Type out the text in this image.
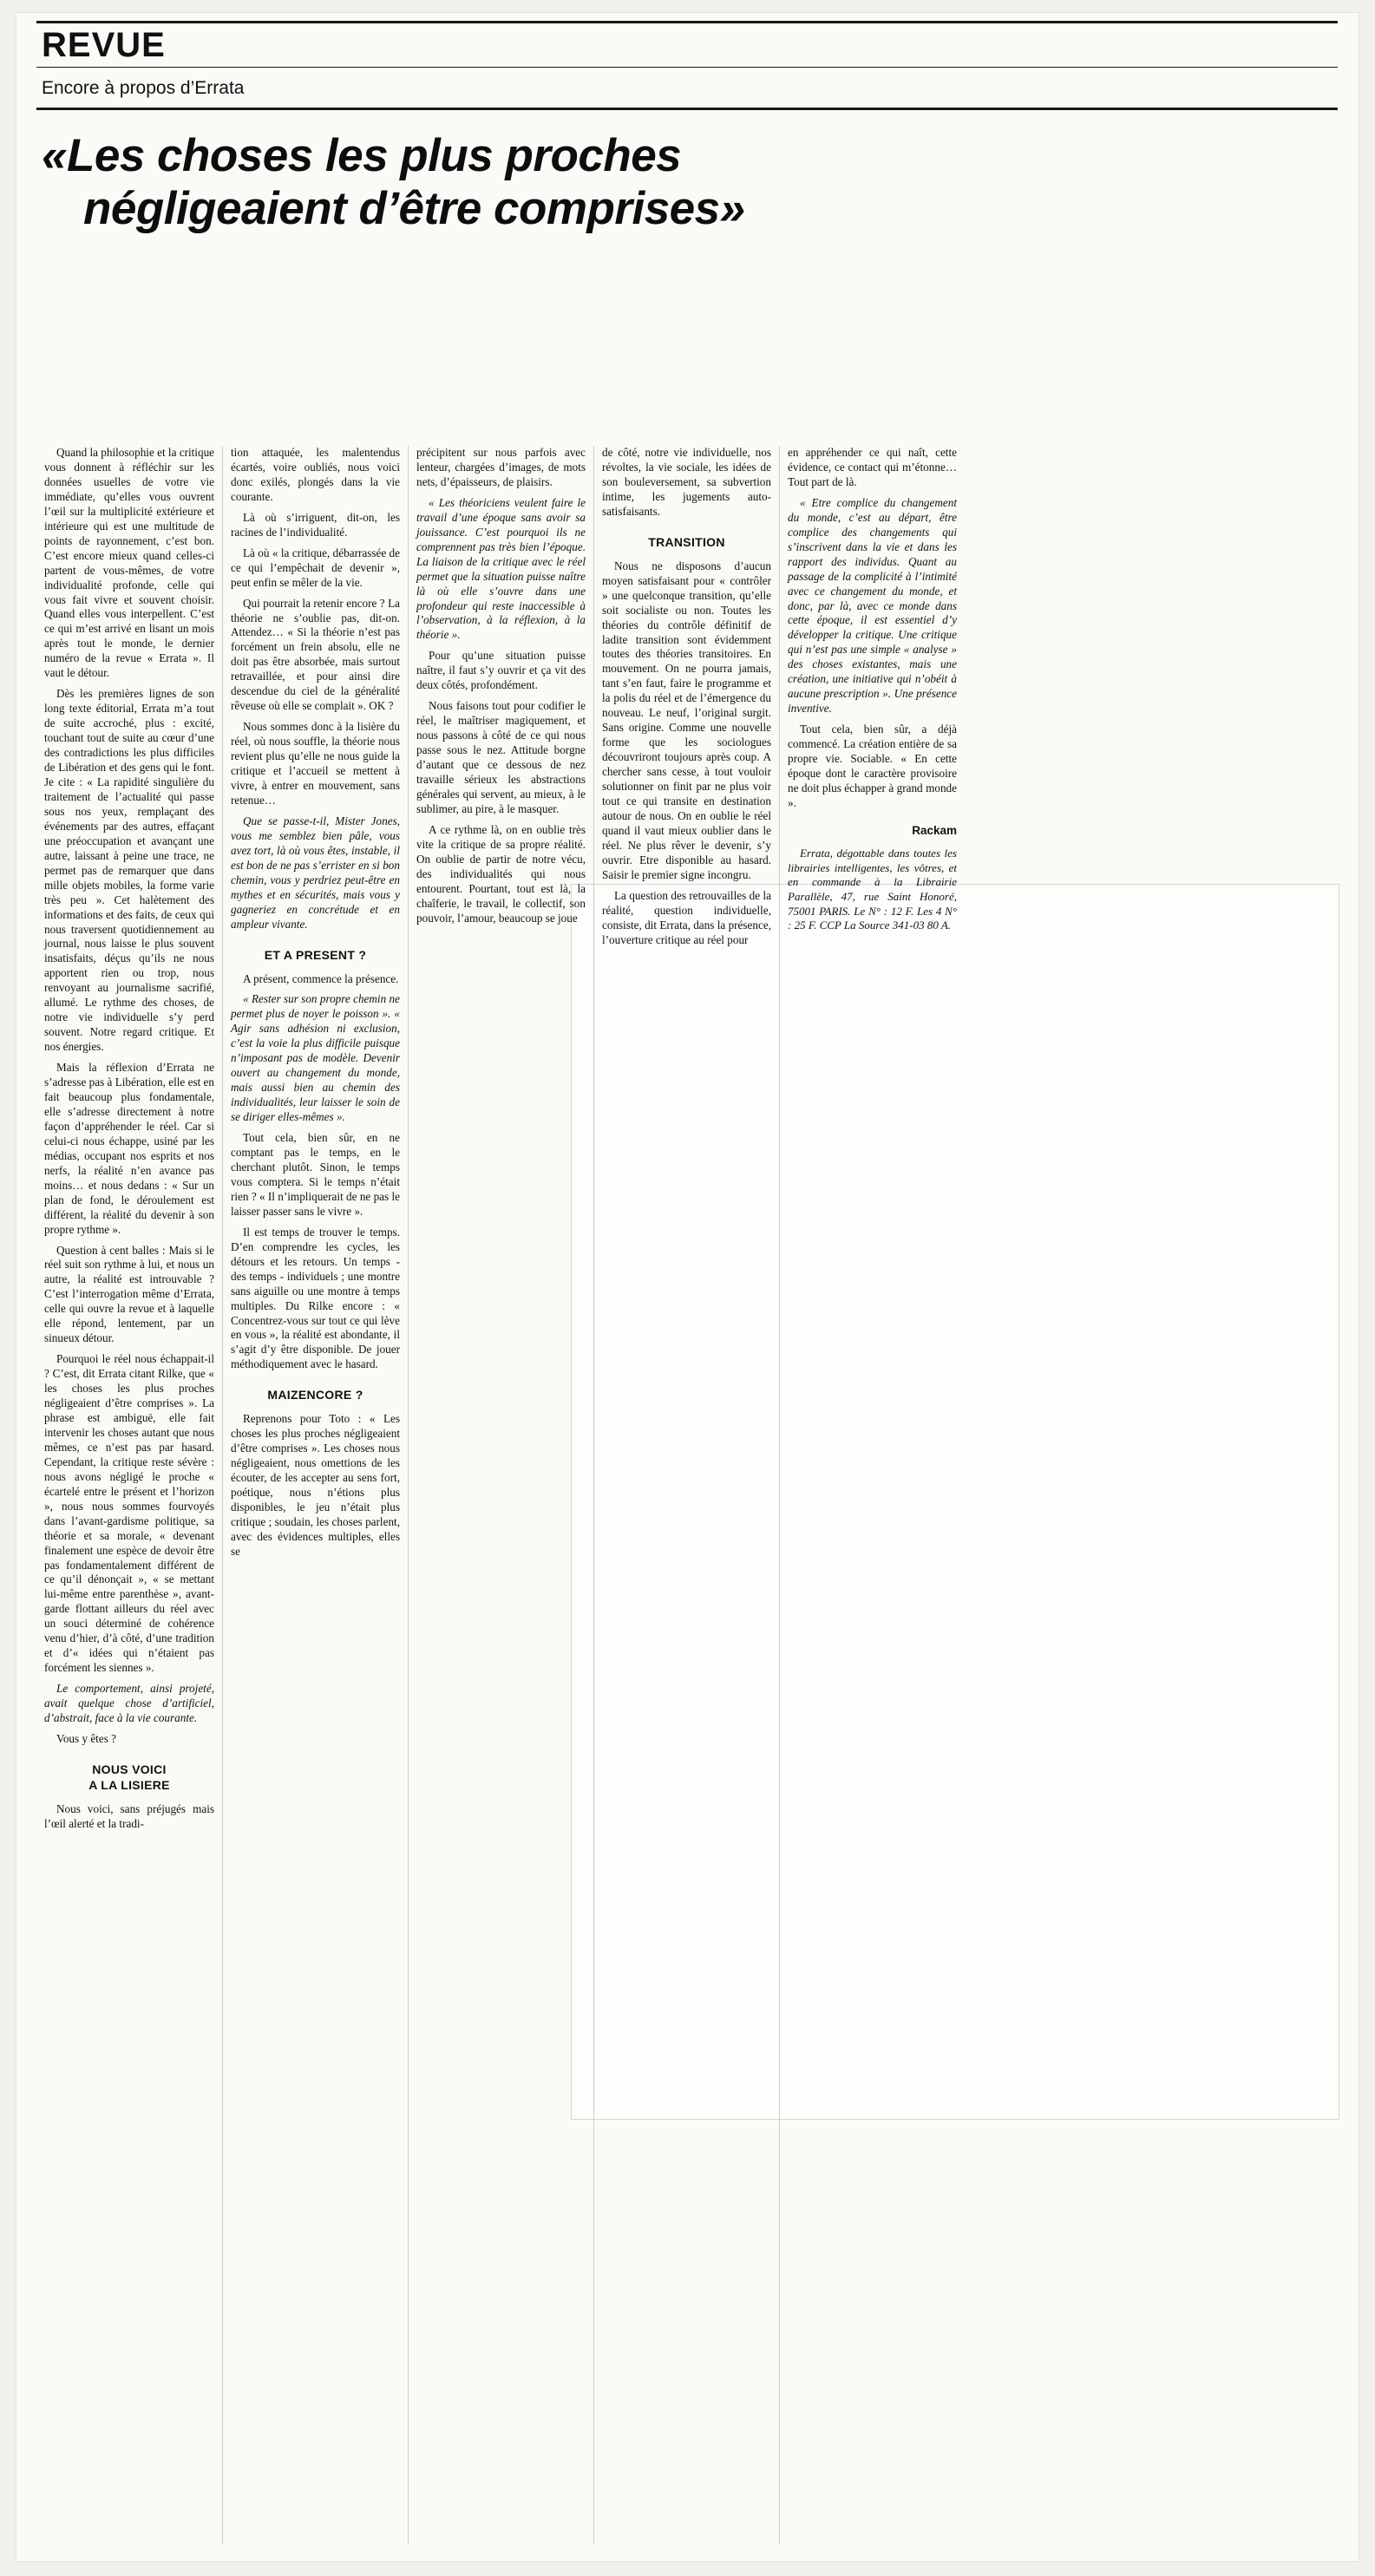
REVUE
Encore à propos d’Errata
«Les choses les plus proches
négligeaient d’être comprises»

Quand la philosophie et la critique vous donnent à réfléchir sur les données usuelles de votre vie immédiate, qu’elles vous ouvrent l’œil sur la multiplicité extérieure et intérieure qui est une multitude de points de rayonnement, c’est bon. C’est encore mieux quand celles-ci partent de vous-mêmes, de votre individualité profonde, celle qui vous fait vivre et souvent choisir. Quand elles vous interpellent. C’est ce qui m’est arrivé en lisant un mois après tout le monde, le dernier numéro de la revue « Errata ». Il vaut le détour.

Dès les premières lignes de son long texte éditorial, Errata m’a tout de suite accroché, plus : excité, touchant tout de suite au cœur d’une des contradictions les plus difficiles de Libération et des gens qui le font. Je cite : « La rapidité singulière du traitement de l’actualité qui passe sous nos yeux, remplaçant des événements par des autres, effaçant une préoccupation et avançant une autre, laissant à peine une trace, ne permet pas de remarquer que dans mille objets mobiles, la forme varie très peu ». Cet halètement des informations et des faits, de ceux qui nous traversent quotidiennement au journal, nous laisse le plus souvent insatisfaits, déçus qu’ils ne nous apportent rien ou trop, nous renvoyant au journalisme sacrifié, allumé. Le rythme des choses, de notre vie individuelle s’y perd souvent. Notre regard critique. Et nos énergies.

Mais la réflexion d’Errata ne s’adresse pas à Libération, elle est en fait beaucoup plus fondamentale, elle s’adresse directement à notre façon d’appréhender le réel. Car si celui-ci nous échappe, usiné par les médias, occupant nos esprits et nos nerfs, la réalité n’en avance pas moins… et nous dedans : « Sur un plan de fond, le déroulement est différent, la réalité du devenir à son propre rythme ».

Question à cent balles : Mais si le réel suit son rythme à lui, et nous un autre, la réalité est introuvable ? C’est l’interrogation même d’Errata, celle qui ouvre la revue et à laquelle elle répond, lentement, par un sinueux détour.

Pourquoi le réel nous échappait-il ? C’est, dit Errata citant Rilke, que « les choses les plus proches négligeaient d’être comprises ». La phrase est ambiguë, elle fait intervenir les choses autant que nous mêmes, ce n’est pas par hasard. Cependant, la critique reste sévère : nous avons négligé le proche « écartelé entre le présent et l’horizon », nous nous sommes fourvoyés dans l’avant-gardisme politique, sa théorie et sa morale, « devenant finalement une espèce de devoir être pas fondamentalement différent de ce qu’il dénonçait », « se mettant lui-même entre parenthèse », avant-garde flottant ailleurs du réel avec un souci déterminé de cohérence venu d’hier, d’à côté, d’une tradition et d’« idées qui n’étaient pas forcément les siennes ».

Le comportement, ainsi projeté, avait quelque chose d’artificiel, d’abstrait, face à la vie courante.

Vous y êtes ?

NOUS VOICI
A LA LISIERE

Nous voici, sans préjugés mais l’œil alerté et la tradi-

tion attaquée, les malentendus écartés, voire oubliés, nous voici donc exilés, plongés dans la vie courante.

Là où s’irriguent, dit-on, les racines de l’individualité.

Là où « la critique, débarrassée de ce qui l’empêchait de devenir », peut enfin se mêler de la vie.

Qui pourrait la retenir encore ? La théorie ne s’oublie pas, dit-on. Attendez… « Si la théorie n’est pas forcément un frein absolu, elle ne doit pas être absorbée, mais surtout retravaillée, et pour ainsi dire descendue du ciel de la généralité rêveuse où elle se complait ». OK ?

Nous sommes donc à la lisière du réel, où nous souffle, la théorie nous revient plus qu’elle ne nous guide la critique et l’accueil se mettent à vivre, à entrer en mouvement, sans retenue…

Que se passe-t-il, Mister Jones, vous me semblez bien pâle, vous avez tort, là où vous êtes, instable, il est bon de ne pas s’errister en si bon chemin, vous y perdriez peut-être en mythes et en sécurités, mais vous y gagneriez en concrétude et en ampleur vivante.

ET A PRESENT ?

A présent, commence la présence.

« Rester sur son propre chemin ne permet plus de noyer le poisson ». « Agir sans adhésion ni exclusion, c’est la voie la plus difficile puisque n’imposant pas de modèle. Devenir ouvert au changement du monde, mais aussi bien au chemin des individualités, leur laisser le soin de se diriger elles-mêmes ».

Tout cela, bien sûr, en ne comptant pas le temps, en le cherchant plutôt. Sinon, le temps vous comptera. Si le temps n’était rien ? « Il n’impliquerait de ne pas le laisser passer sans le vivre ».

Il est temps de trouver le temps. D’en comprendre les cycles, les détours et les retours. Un temps - des temps - individuels ; une montre sans aiguille ou une montre à temps multiples. Du Rilke encore : « Concentrez-vous sur tout ce qui lève en vous », la réalité est abondante, il s’agit d’y être disponible. De jouer méthodiquement avec le hasard.

MAIZENCORE ?

Reprenons pour Toto : « Les choses les plus proches négligeaient d’être comprises ». Les choses nous négligeaient, nous omettions de les écouter, de les accepter au sens fort, poétique, nous n’étions plus disponibles, le jeu n’était plus critique ; soudain, les choses parlent, avec des évidences multiples, elles se

précipitent sur nous parfois avec lenteur, chargées d’images, de mots nets, d’épaisseurs, de plaisirs.

« Les théoriciens veulent faire le travail d’une époque sans avoir sa jouissance. C’est pourquoi ils ne comprennent pas très bien l’époque. La liaison de la critique avec le réel permet que la situation puisse naître là où elle s’ouvre dans une profondeur qui reste inaccessible à l’observation, à la réflexion, à la théorie ».

Pour qu’une situation puisse naître, il faut s’y ouvrir et ça vit des deux côtés, profondément.

Nous faisons tout pour codifier le réel, le maîtriser magiquement, et nous passons à côté de ce qui nous passe sous le nez. Attitude borgne d’autant que ce dessous de nez travaille sérieux les abstractions générales qui servent, au mieux, à le sublimer, au pire, à le masquer.

A ce rythme là, on en oublie très vite la critique de sa propre réalité. On oublie de partir de notre vécu, des individualités qui nous entourent. Pourtant, tout est là, la chaîferie, le travail, le collectif, son pouvoir, l’amour, beaucoup se joue

de côté, notre vie individuelle, nos révoltes, la vie sociale, les idées de son bouleversement, sa subvertion intime, les jugements auto-satisfaisants.

TRANSITION

Nous ne disposons d’aucun moyen satisfaisant pour « contrôler » une quelconque transition, qu’elle soit socialiste ou non. Toutes les théories du contrôle définitif de ladite transition sont évidemment toutes des théories transitoires. En mouvement. On ne pourra jamais, tant s’en faut, faire le programme et la polis du réel et de l’émergence du nouveau. Le neuf, l’original surgit. Sans origine. Comme une nouvelle forme que les sociologues découvriront toujours après coup. A chercher sans cesse, à tout vouloir solutionner on finit par ne plus voir tout ce qui transite en destination autour de nous. On en oublie le réel quand il vaut mieux oublier dans le réel. Ne plus rêver le devenir, s’y ouvrir. Etre disponible au hasard. Saisir le premier signe incongru.

La question des retrouvailles de la réalité, question individuelle, consiste, dit Errata, dans la présence, l’ouverture critique au réel pour

en appréhender ce qui naît, cette évidence, ce contact qui m’étonne… Tout part de là.

« Etre complice du changement du monde, c’est au départ, être complice des changements qui s’inscrivent dans la vie et dans les rapport des individus. Quant au passage de la complicité à l’intimité avec ce changement du monde, et donc, par là, avec ce monde dans cette époque, il est essentiel d’y développer la critique. Une critique qui n’est pas une simple « analyse » des choses existantes, mais une création, une initiative qui n’obéit à aucune prescription ». Une présence inventive.

Tout cela, bien sûr, a déjà commencé. La création entière de sa propre vie. Sociable. « En cette époque dont le caractère provisoire ne doit plus échapper à grand monde ».

Rackam
Errata, dégottable dans toutes les librairies intelligentes, les vôtres, et en commande à la Librairie Parallèle, 47, rue Saint Honoré, 75001 PARIS. Le N° : 12 F. Les 4 N° : 25 F. CCP La Source 341-03 80 A.
